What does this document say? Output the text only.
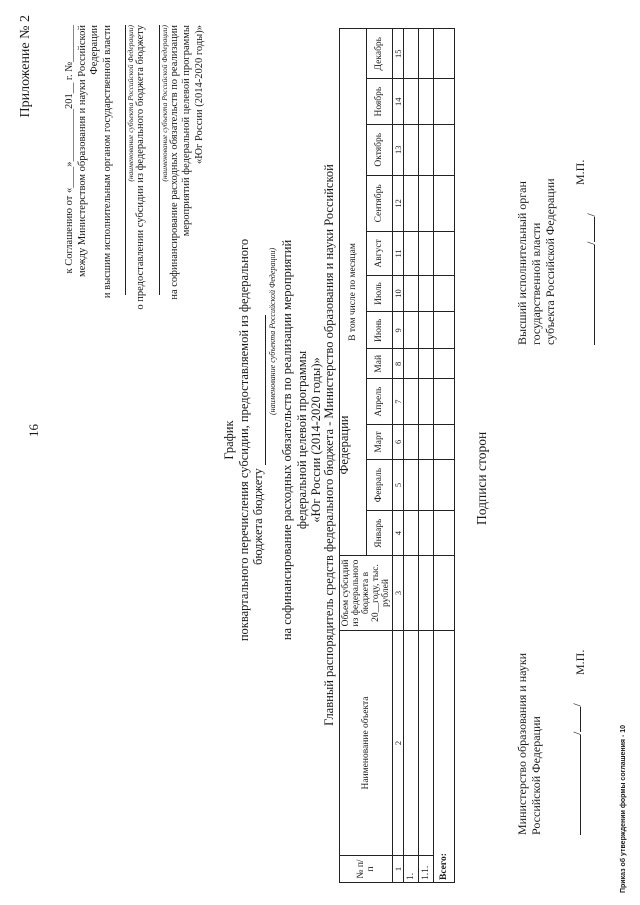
16
Приложение № 2	к Соглашению от «____»__________201__ г. №_______ между Министерством образования и науки Российской Федерации и высшим исполнительным органом государственной власти (наименование субъекта Российской Федерации) о предоставлении субсидии из федерального бюджета бюджету (наименование субъекта Российской Федерации) на софинансирование расходных обязательств по реализации мероприятий федеральной целевой программы «Юг России (2014-2020 годы)»
График поквартального перечисления субсидии, предоставляемой из федерального бюджета бюджету
(наименование субъекта Российской Федерации) на софинансирование расходных обязательств по реализации мероприятий федеральной целевой программы «Юг России (2014-2020 годы)» Главный распорядитель средств федерального бюджета - Министерство образования и науки Российской Федерации
№ п/п	Наименование объекта	Объем субсидий из федерального бюджета в 20__году, тыс. рублей	В том числе по месяцам											
			Январь	Февраль	Март	Апрель	Май	Июнь	Июль	Август	Сентябрь	Октябрь	Ноябрь	Декабрь
1	2	3	4	5	6	7	8	9	10	11	12	13	14	15
1.														
1.1.														
Всего:														
Подписи сторон
Министерство образования и науки Российской Федерации //
Высший исполнительный орган государственной власти субъекта Российской Федерации //
М.П.
М.П.
Приказ об утверждении формы соглашения - 10
